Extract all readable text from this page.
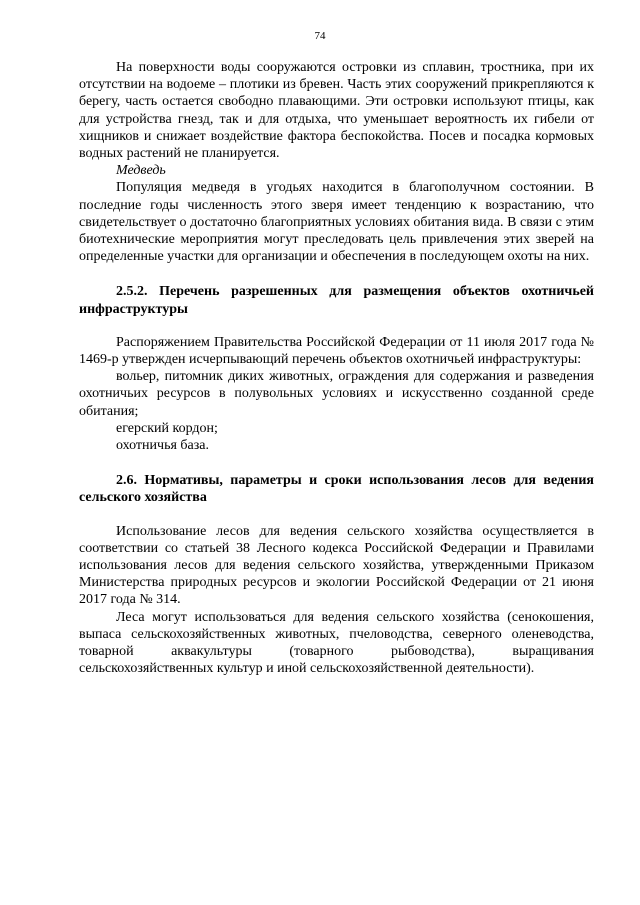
74

На поверхности воды сооружаются островки из сплавин, тростника, при их отсутствии на водоеме – плотики из бревен. Часть этих сооружений прикрепляются к берегу, часть остается свободно плавающими. Эти островки используют птицы, как для устройства гнезд, так и для отдыха, что уменьшает вероятность их гибели от хищников и снижает воздействие фактора беспокойства. Посев и посадка кормовых водных растений не планируется.

Медведь

Популяция медведя в угодьях находится в благополучном состоянии. В последние годы численность этого зверя имеет тенденцию к возрастанию, что свидетельствует о достаточно благоприятных условиях обитания вида. В связи с этим биотехнические мероприятия могут преследовать цель привлечения этих зверей на определенные участки для организации и обеспечения в последующем охоты на них.

2.5.2. Перечень разрешенных для размещения объектов охотничьей инфраструктуры

Распоряжением Правительства Российской Федерации от 11 июля 2017 года № 1469-р утвержден исчерпывающий перечень объектов охотничьей инфраструктуры:

вольер, питомник диких животных, ограждения для содержания и разведения охотничьих ресурсов в полувольных условиях и искусственно созданной среде обитания;

егерский кордон;

охотничья база.

2.6. Нормативы, параметры и сроки использования лесов для ведения сельского хозяйства

Использование лесов для ведения сельского хозяйства осуществляется в соответствии со статьей 38 Лесного кодекса Российской Федерации и Правилами использования лесов для ведения сельского хозяйства, утвержденными Приказом Министерства природных ресурсов и экологии Российской Федерации от 21 июня 2017 года № 314.

Леса могут использоваться для ведения сельского хозяйства (сенокошения, выпаса сельскохозяйственных животных, пчеловодства, северного оленеводства, товарной аквакультуры (товарного рыбоводства), выращивания сельскохозяйственных культур и иной сельскохозяйственной деятельности).
